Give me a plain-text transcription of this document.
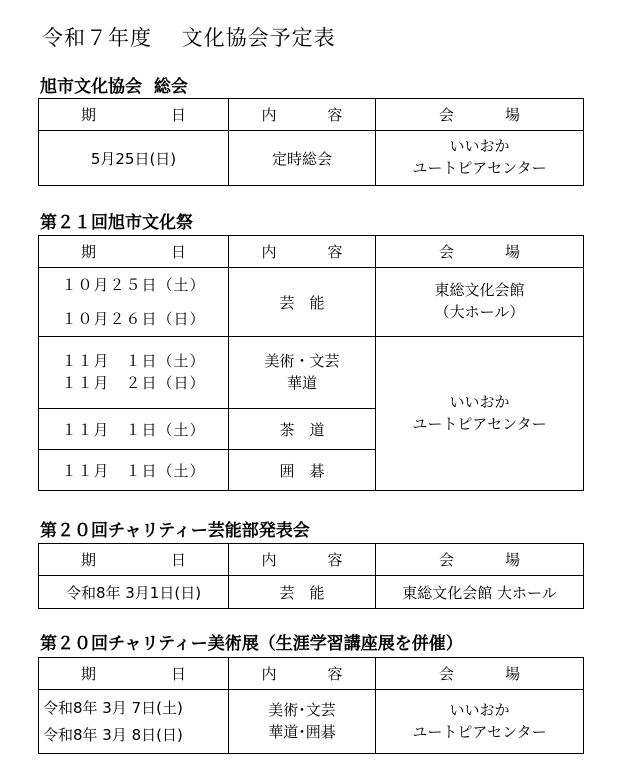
令和７年度　 文化協会予定表
旭市文化協会  総会
期　日	内　容	会　場
5月25日(日)	定時総会	いいおか
ユートピアセンター
第２１回旭市文化祭
期　日	内　容	会　場

１０月２５日（土）
１０月２６日（日）	芸　能	東総文化会館
（大ホール）

１１月　１日（土）
１１月　２日（日）	美術・文芸
華道	いいおか
ユートピアセンター

１１月　１日（土）	茶　道	
１１月　１日（土）	囲　碁	
第２０回チャリティー芸能部発表会
期　日	内　容	会　場
令和8年 3月1日(日)	芸　能	東総文化会館 大ホール
第２０回チャリティー美術展（生涯学習講座展を併催）
期　日	内　容	会　場

令和8年 3月 7日(土)
令和8年 3月 8日(日)	美術･文芸
華道･囲碁	いいおか
ユートピアセンター
